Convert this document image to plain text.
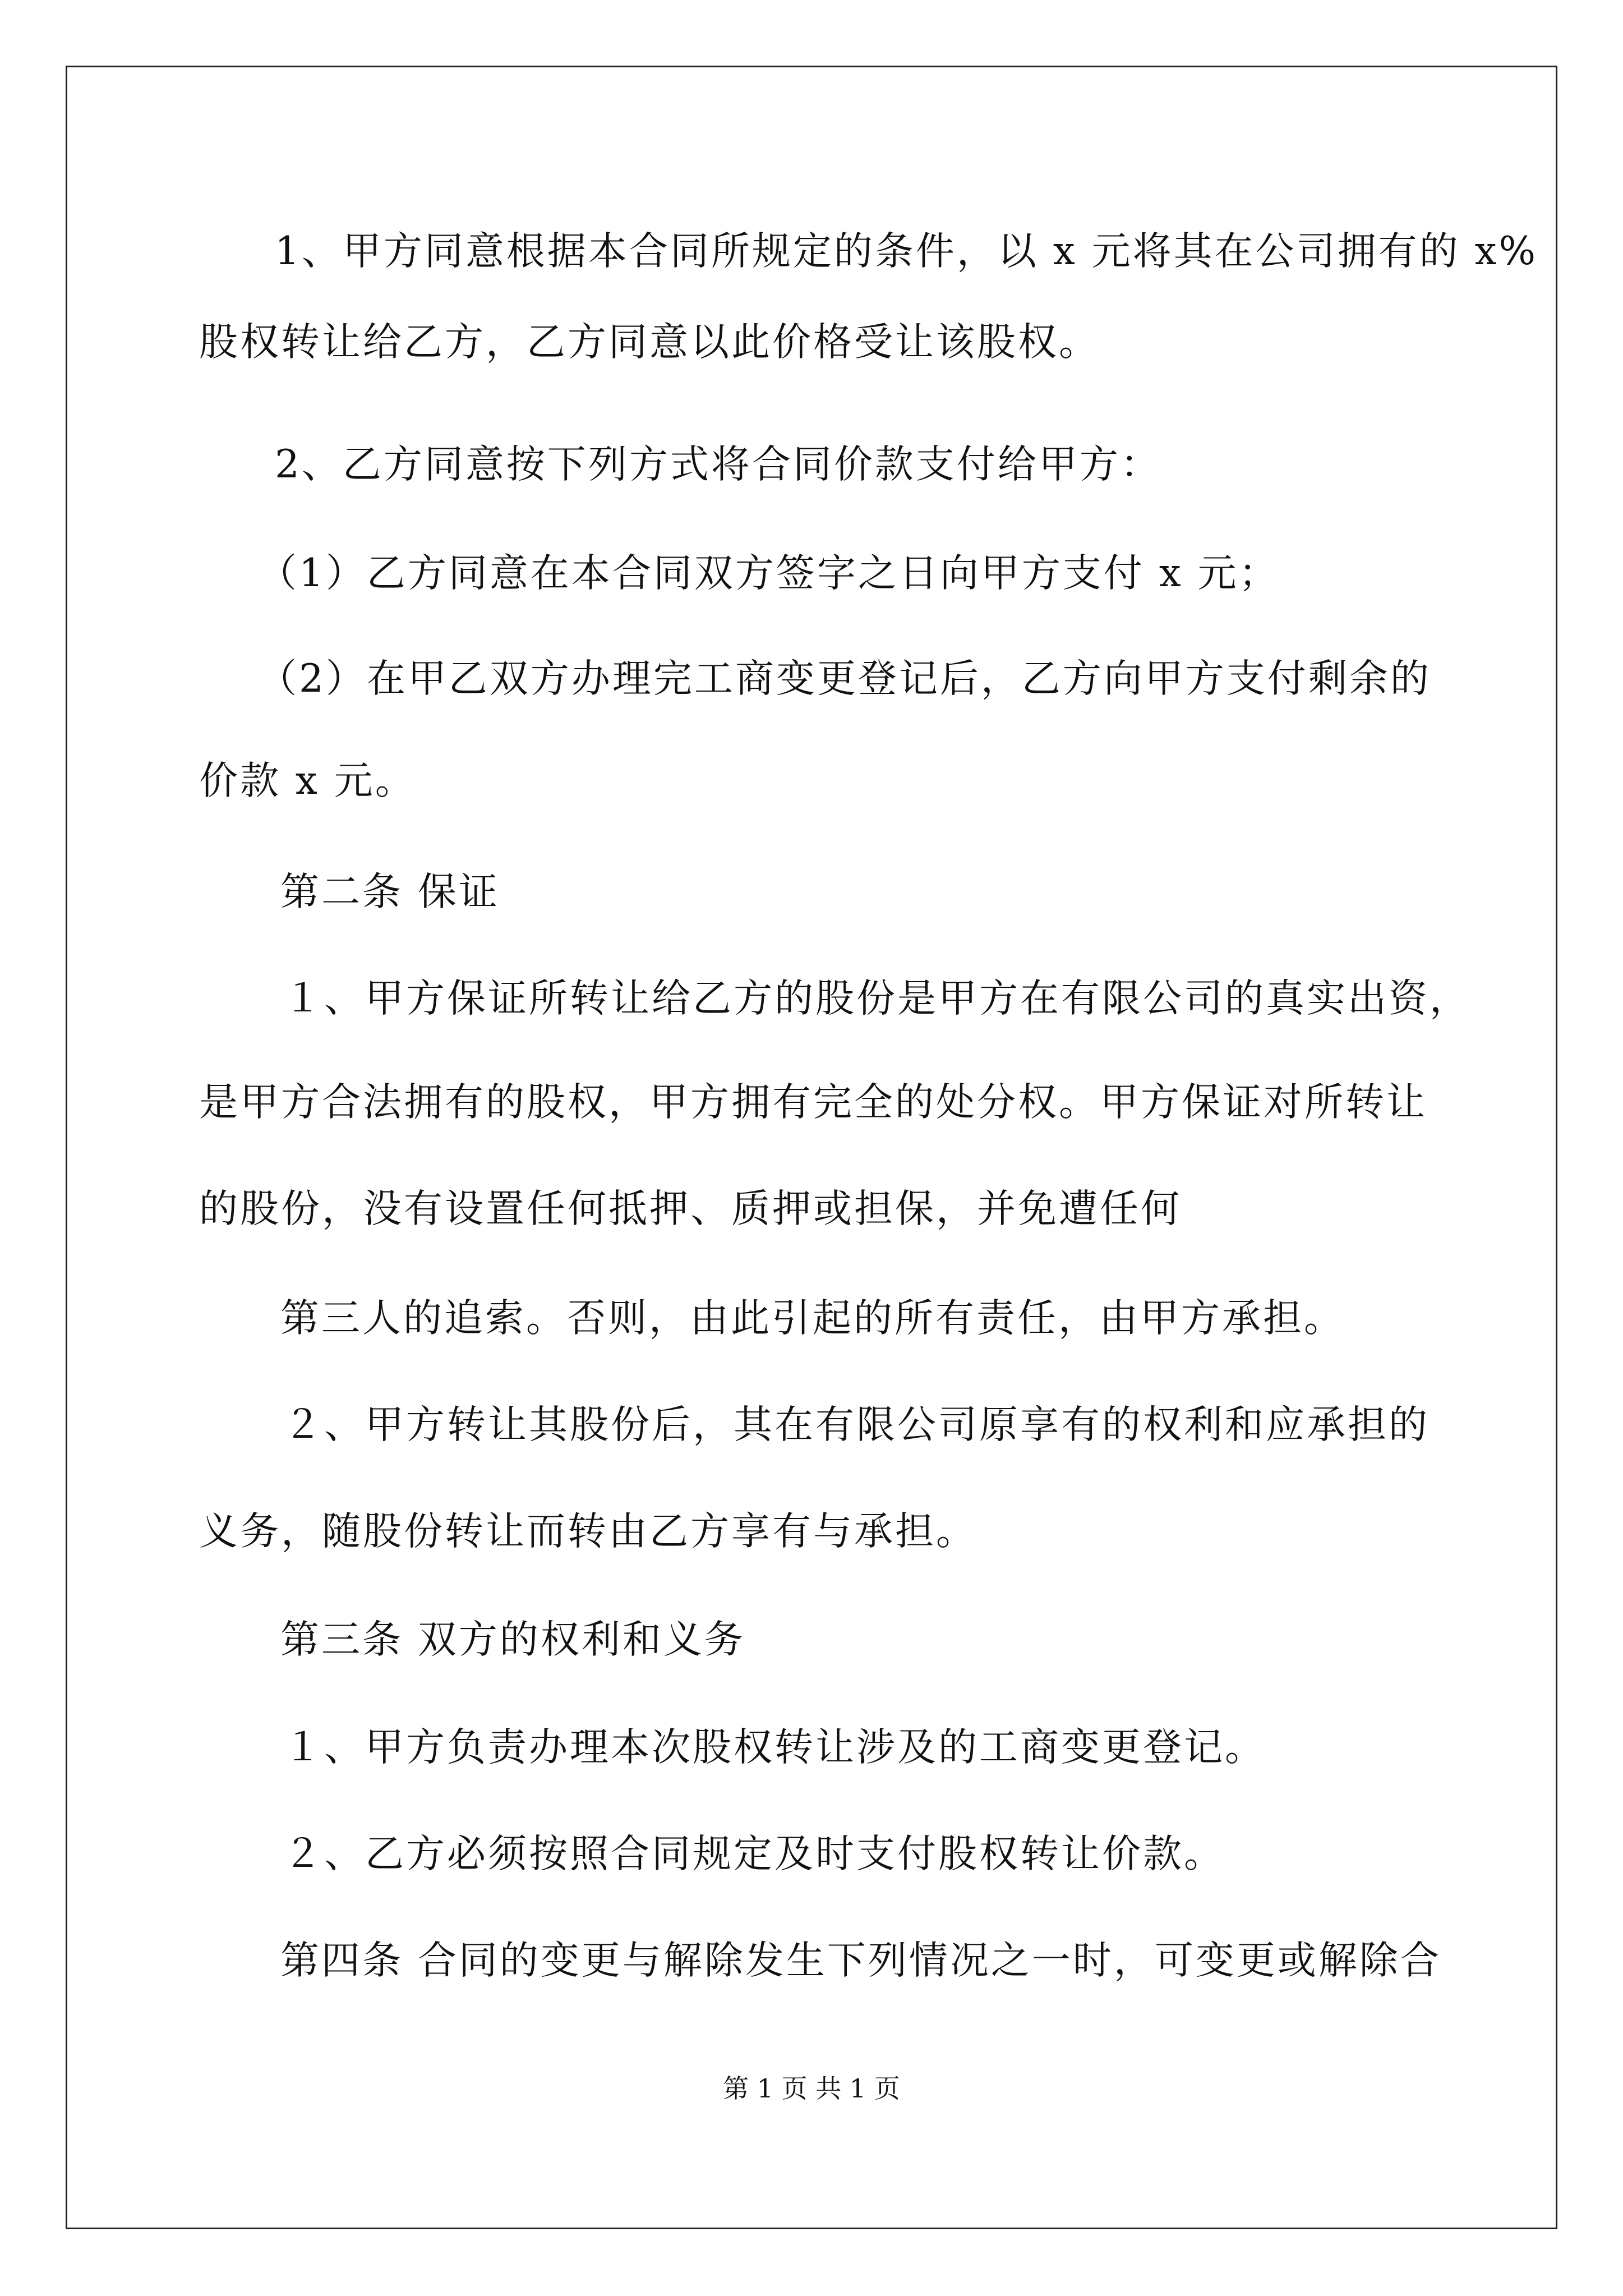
1、甲方同意根据本合同所规定的条件，以 x 元将其在公司拥有的 x%
股权转让给乙方，乙方同意以此价格受让该股权。
2、乙方同意按下列方式将合同价款支付给甲方：
（1）乙方同意在本合同双方签字之日向甲方支付 x 元；
（2）在甲乙双方办理完工商变更登记后，乙方向甲方支付剩余的
价款 x 元。
第二条 保证
１、甲方保证所转让给乙方的股份是甲方在有限公司的真实出资，
是甲方合法拥有的股权，甲方拥有完全的处分权。甲方保证对所转让
的股份，没有设置任何抵押、质押或担保，并免遭任何
第三人的追索。否则，由此引起的所有责任，由甲方承担。
２、甲方转让其股份后，其在有限公司原享有的权利和应承担的
义务，随股份转让而转由乙方享有与承担。
第三条 双方的权利和义务
１、甲方负责办理本次股权转让涉及的工商变更登记。
２、乙方必须按照合同规定及时支付股权转让价款。
第四条 合同的变更与解除发生下列情况之一时，可变更或解除合
第 1 页 共 1 页
